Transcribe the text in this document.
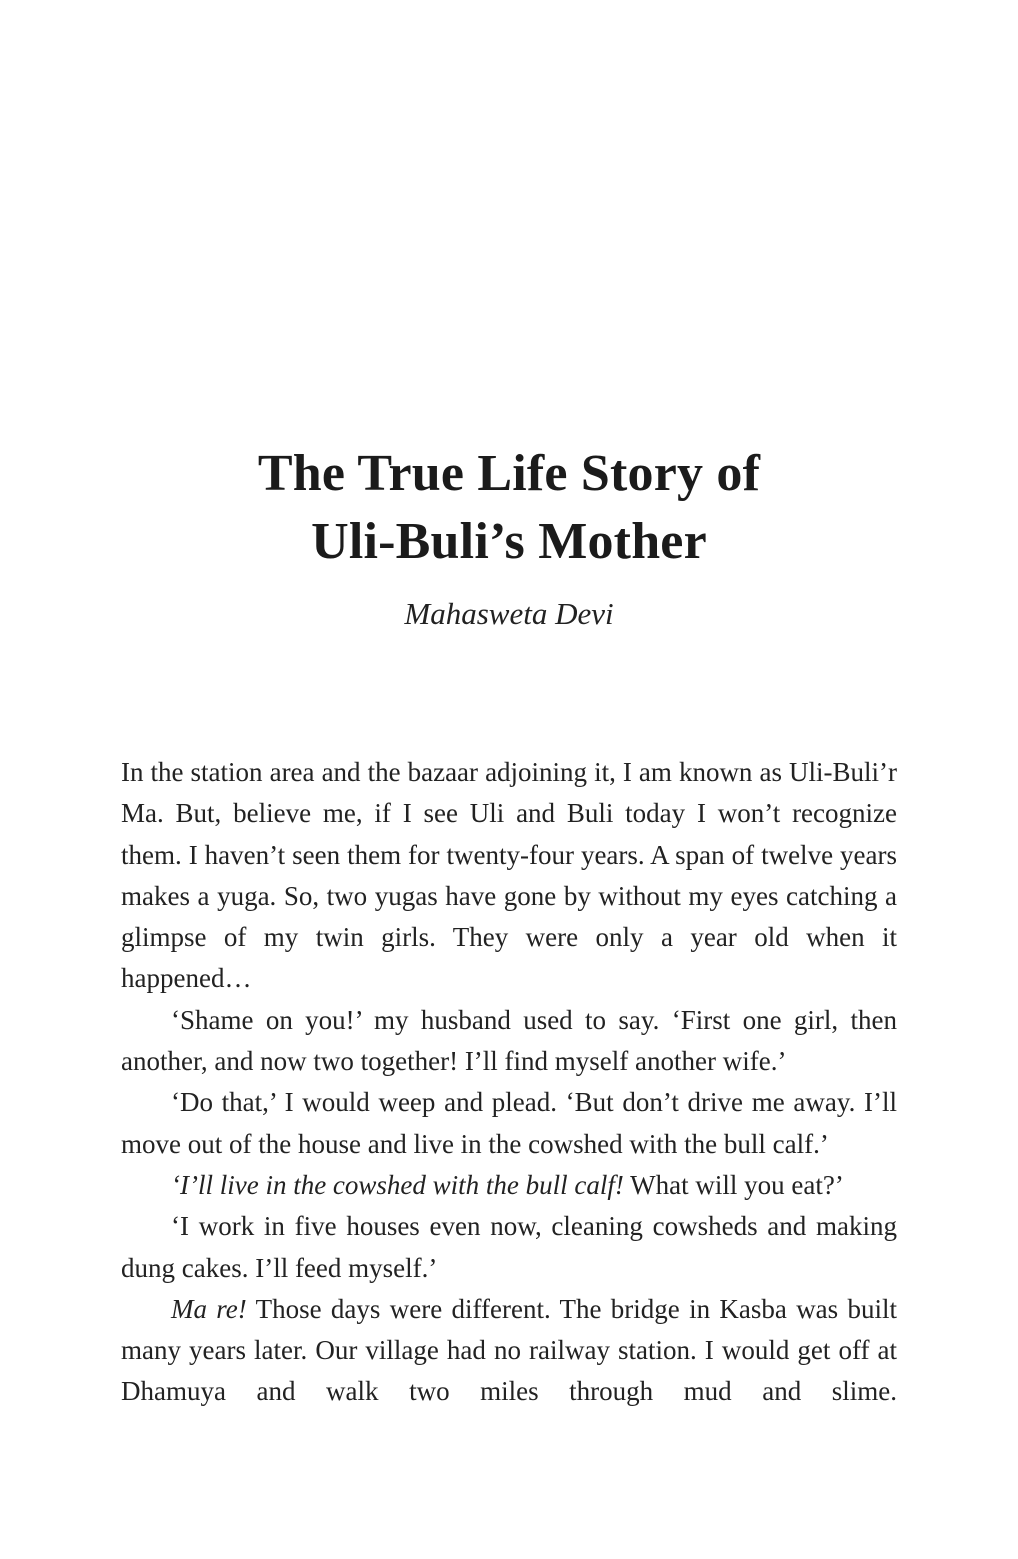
The True Life Story of
Uli-Buli’s Mother
Mahasweta Devi

In the station area and the bazaar adjoining it, I am known as Uli-Buli’r Ma. But, believe me, if I see Uli and Buli today I won’t recognize them. I haven’t seen them for twenty-four years. A span of twelve years makes a yuga. So, two yugas have gone by without my eyes catching a glimpse of my twin girls. They were only a year old when it happened…

‘Shame on you!’ my husband used to say. ‘First one girl, then another, and now two together! I’ll find myself another wife.’

‘Do that,’ I would weep and plead. ‘But don’t drive me away. I’ll move out of the house and live in the cowshed with the bull calf.’

‘I’ll live in the cowshed with the bull calf! What will you eat?’

‘I work in five houses even now, cleaning cowsheds and making dung cakes. I’ll feed myself.’

Ma re! Those days were different. The bridge in Kasba was built many years later. Our village had no railway station. I would get off at Dhamuya and walk two miles through mud and slime.
